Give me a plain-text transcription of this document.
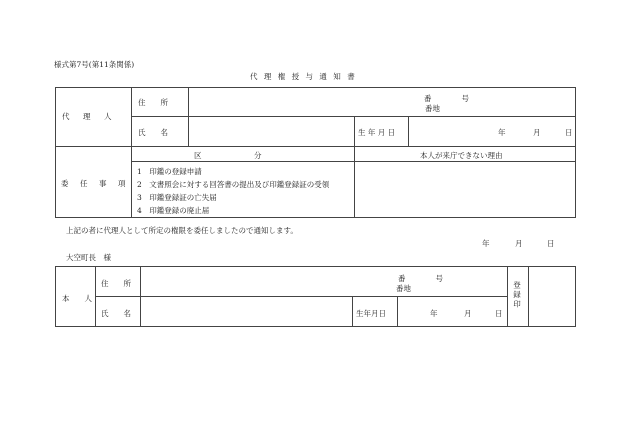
様式第7号(第11条関係)
代 理 権 授 与 通 知 書
代　理　人
住　　所	番　　　　号
番地
氏　　名	生 年 月 日	年	月	日
委　任　事　項
区　　　　　　　分	本人が来庁できない理由
1　印鑑の登録申請
2　文書照会に対する回答書の提出及び印鑑登録証の受領
3　印鑑登録証の亡失届
4　印鑑登録の廃止届
上記の者に代理人として所定の権限を委任しましたので通知します。
年	月	日
大空町長　様
本　　人
住　　所
番　　　　号
番地
氏　　名	生年月日	年	月	日
登録印
